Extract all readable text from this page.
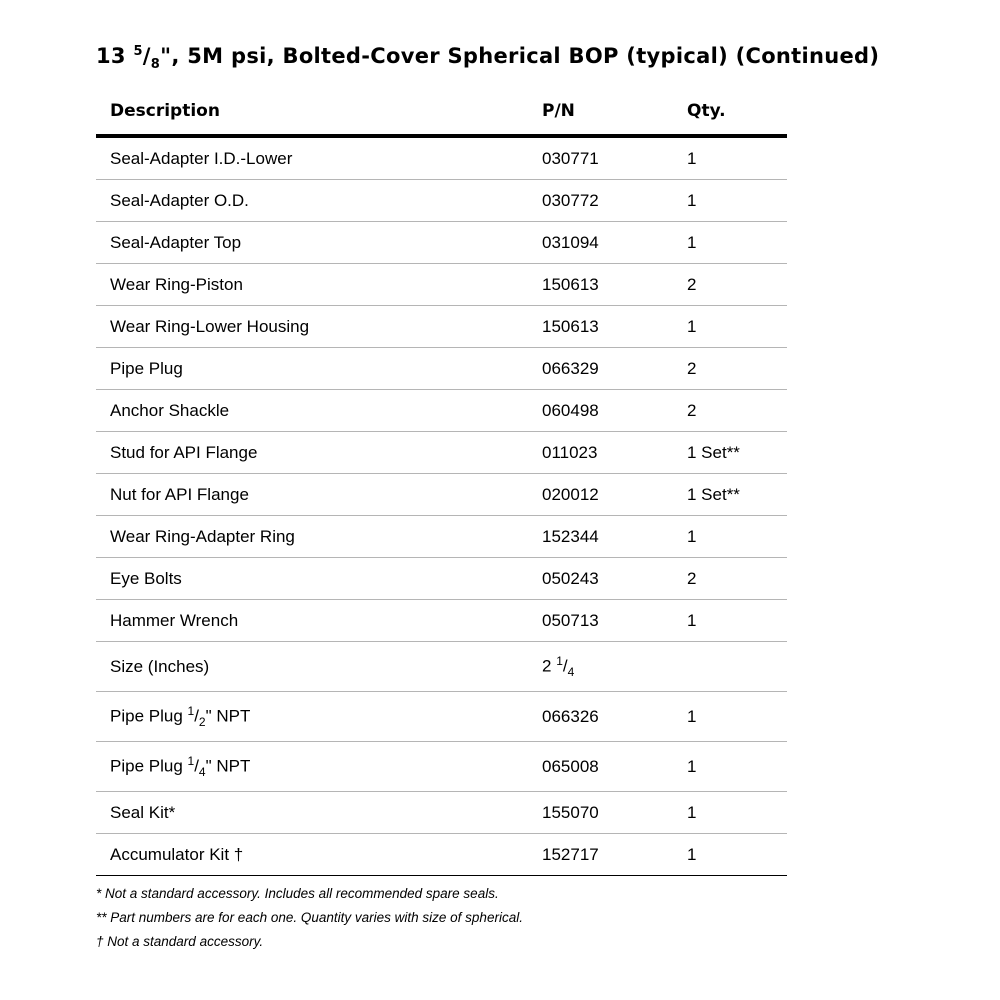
13 $^5/_8$", 5M psi, Bolted-Cover Spherical BOP (typical) (Continued)
Description	P/N	Qty.
Seal-Adapter I.D.-Lower	030771	1
Seal-Adapter O.D.	030772	1
Seal-Adapter Top	031094	1
Wear Ring-Piston	150613	2
Wear Ring-Lower Housing	150613	1
Pipe Plug	066329	2
Anchor Shackle	060498	2
Stud for API Flange	011023	1 Set**
Nut for API Flange	020012	1 Set**
Wear Ring-Adapter Ring	152344	1
Eye Bolts	050243	2
Hammer Wrench	050713	1
Size (Inches)	2 $^1/_4$	
Pipe Plug $^1/_2$" NPT	066326	1
Pipe Plug $^1/_4$" NPT	065008	1
Seal Kit*	155070	1
Accumulator Kit †	152717	1
* Not a standard accessory. Includes all recommended spare seals.
** Part numbers are for each one. Quantity varies with size of spherical.
† Not a standard accessory.
